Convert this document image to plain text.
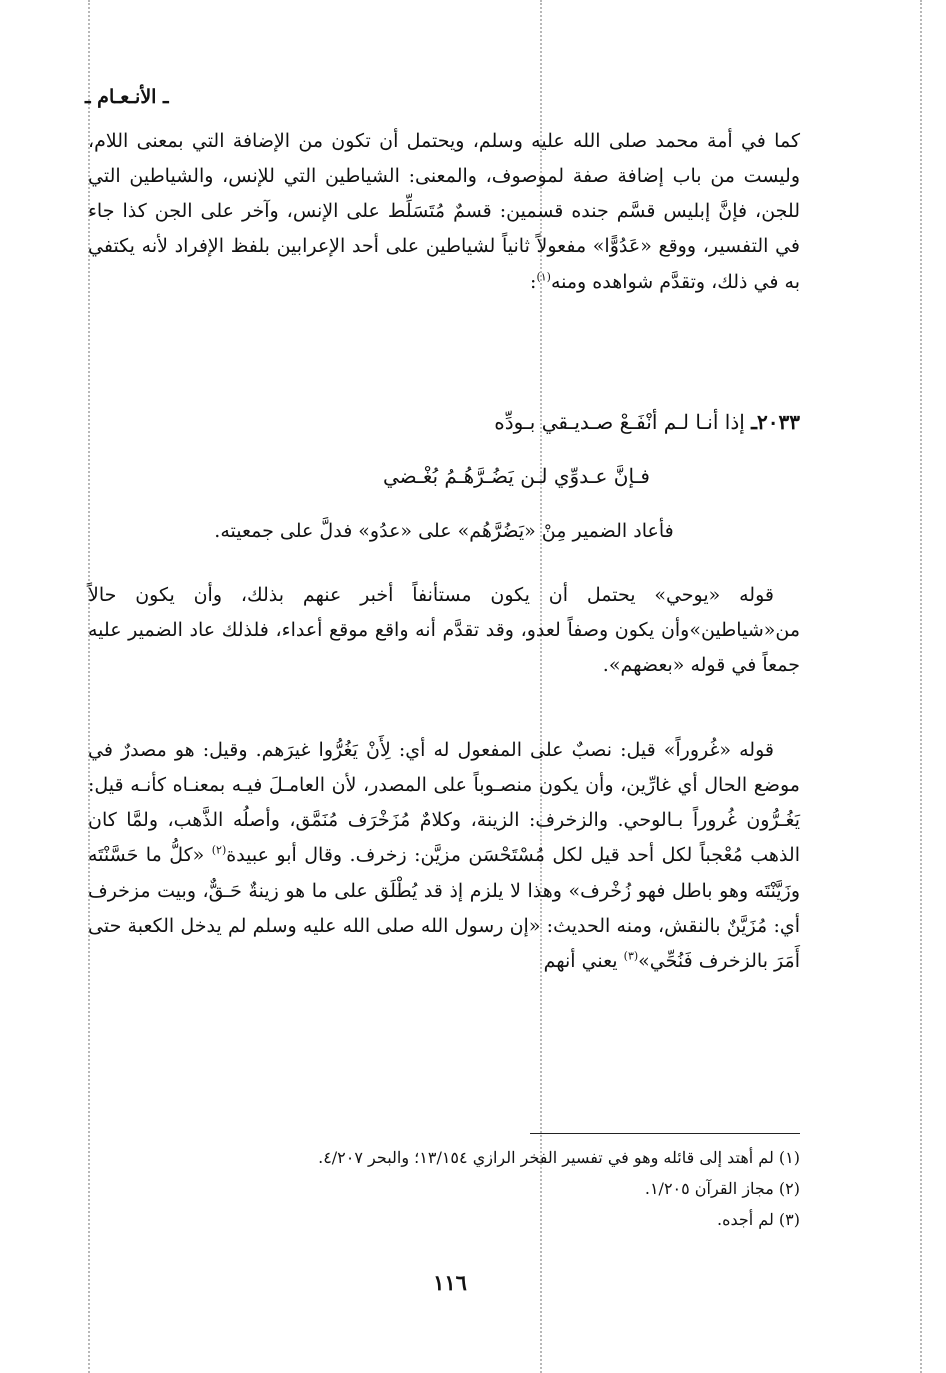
ـ الأنـعـام ـ

كما في أمة محمد صلى الله عليه وسلم، ويحتمل أن تكون من الإضافة التي بمعنى اللام، وليست من باب إضافة صفة لموصوف، والمعنى: الشياطين التي للإنس، والشياطين التي للجن، فإنَّ إبليس قسَّم جنده قسمين: قسمٌ مُتَسَلِّط على الإنس، وآخر على الجن كذا جاء في التفسير، ووقع «عَدُوًّا» مفعولاً ثانياً لشياطين على أحد الإعرابين بلفظ الإفراد لأنه يكتفي به في ذلك، وتقدَّم شواهده ومنه$^{(١)}$:

٢٠٣٣ـ إذا أنـا لـم أنْفَـعْ صـديـقي بـودِّه
فـإنَّ عـدوِّي لـن يَضُـرَّهُـمُ بُغْـضي
فأعاد الضمير مِنْ «يَضُرَّهُم» على «عدُو» فدلَّ على جمعيته.
قوله «يوحي» يحتمل أن يكون مستأنفاً أخبر عنهم بذلك، وأن يكون حالاً من«شياطين»وأن يكون وصفاً لعدو، وقد تقدَّم أنه واقع موقع أعداء، فلذلك عاد الضمير عليه جمعاً في قوله «بعضهم».
قوله «غُروراً» قيل: نصبٌ على المفعول له أي: لِأَنْ يَغُرُّوا غيرَهم. وقيل: هو مصدرٌ في موضع الحال أي غارِّين، وأن يكون منصـوباً على المصدر، لأن العامـلَ فيـه بمعنـاه كأنـه قيل: يَغُـرُّون غُروراً بـالوحي. والزخرف: الزينة، وكلامٌ مُزَخْرَف مُنَمَّق، وأصلُه الذَّهب، ولمَّا كان الذهب مُعْجباً لكل أحد قيل لكل مُسْتَحْسَن مزيَّن: زخرف. وقال أبو عبيدة$^{(٢)}$ «كلُّ ما حَسَّنْتَه وزَيَّنْتَه وهو باطل فهو زُخْرف» وهذا لا يلزم إذ قد يُطْلَق على ما هو زينةٌ حَـقٌّ، وبيت مزخرف أي: مُزَيَّنٌ بالنقش، ومنه الحديث: «إن رسول الله صلى الله عليه وسلم لم يدخل الكعبة حتى أَمَرَ بالزخرف فَنُحِّي»$^{(٣)}$ يعني أنهم
(١) لم أهتد إلى قائله وهو في تفسير الفخر الرازي ١٣/١٥٤؛ والبحر ٤/٢٠٧.
(٢) مجاز القرآن ١/٢٠٥.
(٣) لم أجده.
١١٦
